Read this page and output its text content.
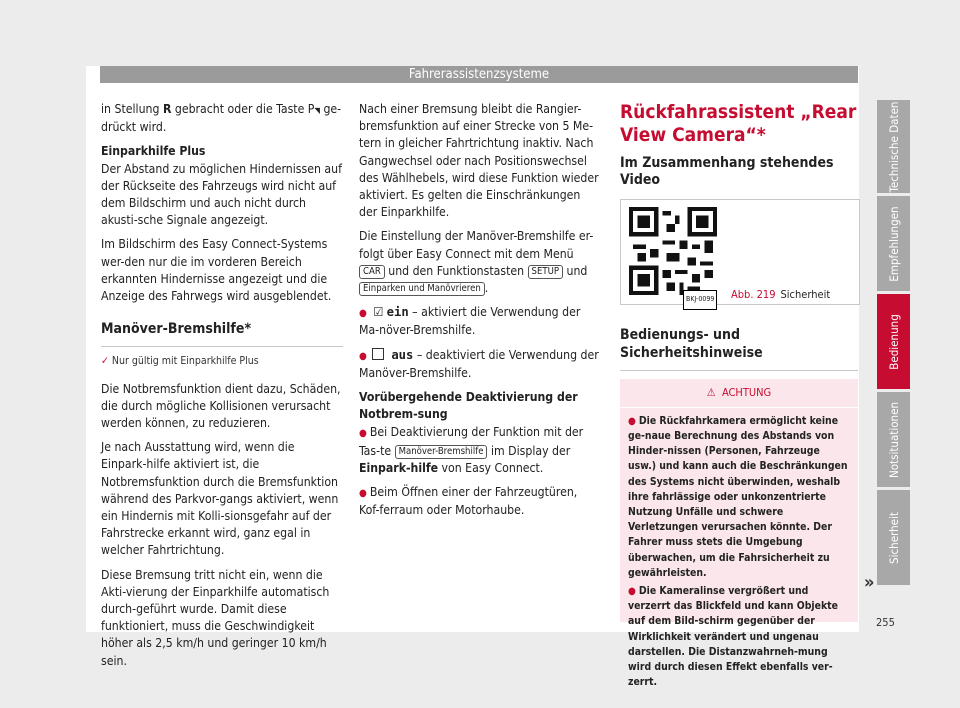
Fahrerassistenzsysteme

in Stellung R gebracht oder die Taste P◥ ge-drückt wird.

Einparkhilfe Plus
Der Abstand zu möglichen Hindernissen auf der Rückseite des Fahrzeugs wird nicht auf dem Bildschirm und auch nicht durch akusti-sche Signale angezeigt.

Im Bildschirm des Easy Connect-Systems wer-den nur die im vorderen Bereich erkannten Hindernisse angezeigt und die Anzeige des Fahrwegs wird ausgeblendet.

Manöver-Bremshilfe*
✓ Nur gültig mit Einparkhilfe Plus

Die Notbremsfunktion dient dazu, Schäden, die durch mögliche Kollisionen verursacht werden können, zu reduzieren.

Je nach Ausstattung wird, wenn die Einpark-hilfe aktiviert ist, die Notbremsfunktion durch die Bremsfunktion während des Parkvor-gangs aktiviert, wenn ein Hindernis mit Kolli-sionsgefahr auf der Fahrstrecke erkannt wird, ganz egal in welcher Fahrtrichtung.

Diese Bremsung tritt nicht ein, wenn die Akti-vierung der Einparkhilfe automatisch durch-geführt wurde. Damit diese funktioniert, muss die Geschwindigkeit höher als 2,5 km/h und geringer 10 km/h sein.

Nach einer Bremsung bleibt die Rangier-bremsfunktion auf einer Strecke von 5 Me-tern in gleicher Fahrtrichtung inaktiv. Nach Gangwechsel oder nach Positionswechsel des Wählhebels, wird diese Funktion wieder aktiviert. Es gelten die Einschränkungen der Einparkhilfe.

Die Einstellung der Manöver-Bremshilfe er-folgt über Easy Connect mit dem Menü CAR und den Funktionstasten SETUP und Einparken und Manövrieren .

● ☑ ein – aktiviert die Verwendung der Ma-növer-Bremshilfe.

● aus – deaktiviert die Verwendung der Manöver-Bremshilfe.

Vorübergehende Deaktivierung der Notbrem-sung

● Bei Deaktivierung der Funktion mit der Tas-te Manöver-Bremshilfe im Display der Einpark-hilfe von Easy Connect.

● Beim Öffnen einer der Fahrzeugtüren, Kof-ferraum oder Motorhaube.

Rückfahrassistent „Rear View Camera“*
Im Zusammenhang stehendes Video
BKJ-0099 Abb. 219 Sicherheit
Bedienungs- und Sicherheitshinweise
⚠ ACHTUNG

● Die Rückfahrkamera ermöglicht keine ge-naue Berechnung des Abstands von Hinder-nissen (Personen, Fahrzeuge usw.) und kann auch die Beschränkungen des Systems nicht überwinden, weshalb ihre fahrlässige oder unkonzentrierte Nutzung Unfälle und schwere Verletzungen verursachen könnte. Der Fahrer muss stets die Umgebung überwachen, um die Fahrsicherheit zu gewährleisten.

● Die Kameralinse vergrößert und verzerrt das Blickfeld und kann Objekte auf dem Bild-schirm gegenüber der Wirklichkeit verändert und ungenau darstellen. Die Distanzwahrneh-mung wird durch diesen Effekt ebenfalls ver-zerrt.

»
Technische Daten
Empfehlungen
Bedienung
Notsituationen
Sicherheit
255
